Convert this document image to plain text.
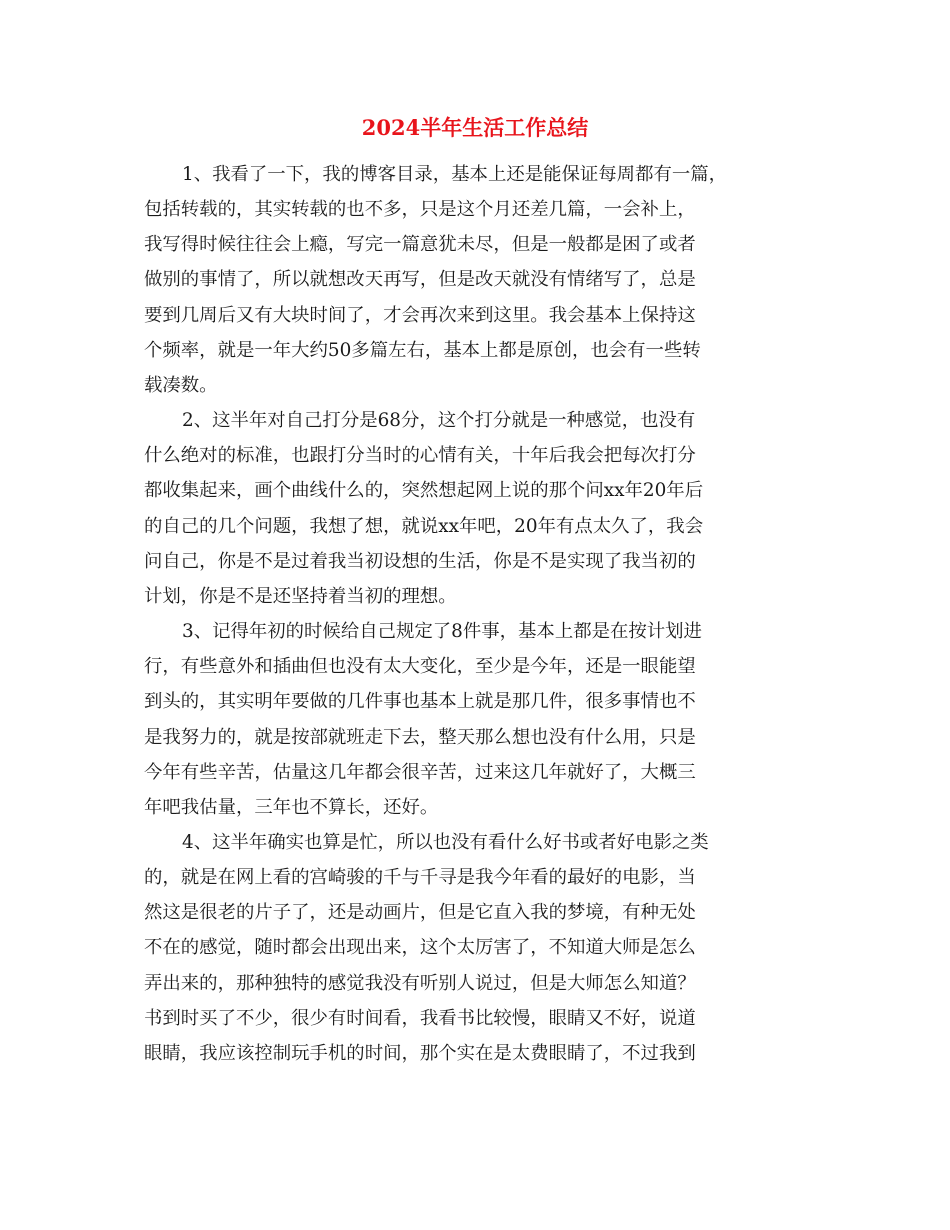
2024半年生活工作总结

1、我看了一下，我的博客目录，基本上还是能保证每周都有一篇，
包括转载的，其实转载的也不多，只是这个月还差几篇，一会补上，
我写得时候往往会上瘾，写完一篇意犹未尽，但是一般都是困了或者
做别的事情了，所以就想改天再写，但是改天就没有情绪写了，总是
要到几周后又有大块时间了，才会再次来到这里。我会基本上保持这
个频率，就是一年大约50多篇左右，基本上都是原创，也会有一些转
载凑数。

2、这半年对自己打分是68分，这个打分就是一种感觉，也没有
什么绝对的标准，也跟打分当时的心情有关，十年后我会把每次打分
都收集起来，画个曲线什么的，突然想起网上说的那个问xx年20年后
的自己的几个问题，我想了想，就说xx年吧，20年有点太久了，我会
问自己，你是不是过着我当初设想的生活，你是不是实现了我当初的
计划，你是不是还坚持着当初的理想。

3、记得年初的时候给自己规定了8件事，基本上都是在按计划进
行，有些意外和插曲但也没有太大变化，至少是今年，还是一眼能望
到头的，其实明年要做的几件事也基本上就是那几件，很多事情也不
是我努力的，就是按部就班走下去，整天那么想也没有什么用，只是
今年有些辛苦，估量这几年都会很辛苦，过来这几年就好了，大概三
年吧我估量，三年也不算长，还好。

4、这半年确实也算是忙，所以也没有看什么好书或者好电影之类
的，就是在网上看的宫崎骏的千与千寻是我今年看的最好的电影，当
然这是很老的片子了，还是动画片，但是它直入我的梦境，有种无处
不在的感觉，随时都会出现出来，这个太厉害了，不知道大师是怎么
弄出来的，那种独特的感觉我没有听别人说过，但是大师怎么知道？
书到时买了不少，很少有时间看，我看书比较慢，眼睛又不好，说道
眼睛，我应该控制玩手机的时间，那个实在是太费眼睛了，不过我到
